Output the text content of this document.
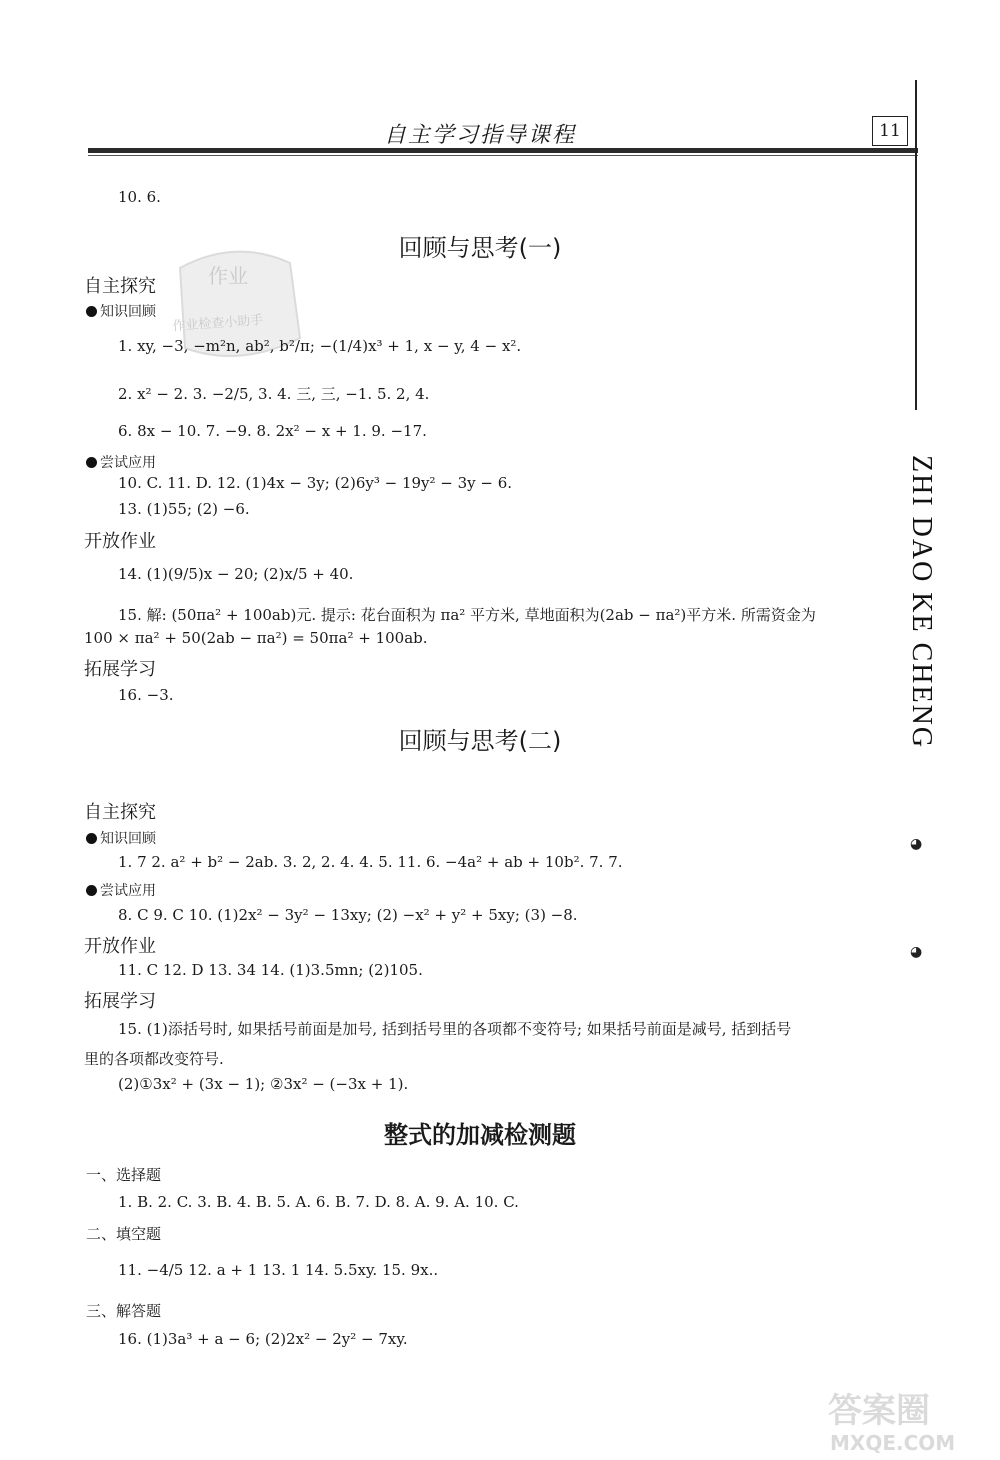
自主学习指导课程	11
ZHI DAO KE CHENG
◕
◕
作业
作业检查小助手
10. 6.
回顾与思考(一)
自主探究
知识回顾
1. xy, −3, −m²n, ab², b²/π; −(1/4)x³ + 1, x − y, 4 − x².
2. x² − 2. 3. −2/5, 3. 4. 三, 三, −1. 5. 2, 4.
6. 8x − 10. 7. −9. 8. 2x² − x + 1. 9. −17.
尝试应用
10. C. 11. D. 12. (1)4x − 3y; (2)6y³ − 19y² − 3y − 6.
13. (1)55; (2) −6.
开放作业
14. (1)(9/5)x − 20; (2)x/5 + 40.
15. 解: (50πa² + 100ab)元. 提示: 花台面积为 πa² 平方米, 草地面积为(2ab − πa²)平方米. 所需资金为
100 × πa² + 50(2ab − πa²) = 50πa² + 100ab.
拓展学习
16. −3.
回顾与思考(二)
自主探究
知识回顾
1. 7 2. a² + b² − 2ab. 3. 2, 2. 4. 4. 5. 11. 6. −4a² + ab + 10b². 7. 7.
尝试应用
8. C 9. C 10. (1)2x² − 3y² − 13xy; (2) −x² + y² + 5xy; (3) −8.
开放作业
11. C 12. D 13. 34 14. (1)3.5mn; (2)105.
拓展学习
15. (1)添括号时, 如果括号前面是加号, 括到括号里的各项都不变符号; 如果括号前面是减号, 括到括号
里的各项都改变符号.
(2)①3x² + (3x − 1); ②3x² − (−3x + 1).
整式的加减检测题
一、选择题
1. B. 2. C. 3. B. 4. B. 5. A. 6. B. 7. D. 8. A. 9. A. 10. C.
二、填空题
11. −4/5 12. a + 1 13. 1 14. 5.5xy. 15. 9x..
三、解答题
16. (1)3a³ + a − 6; (2)2x² − 2y² − 7xy.
答案圈
MXQE.COM
